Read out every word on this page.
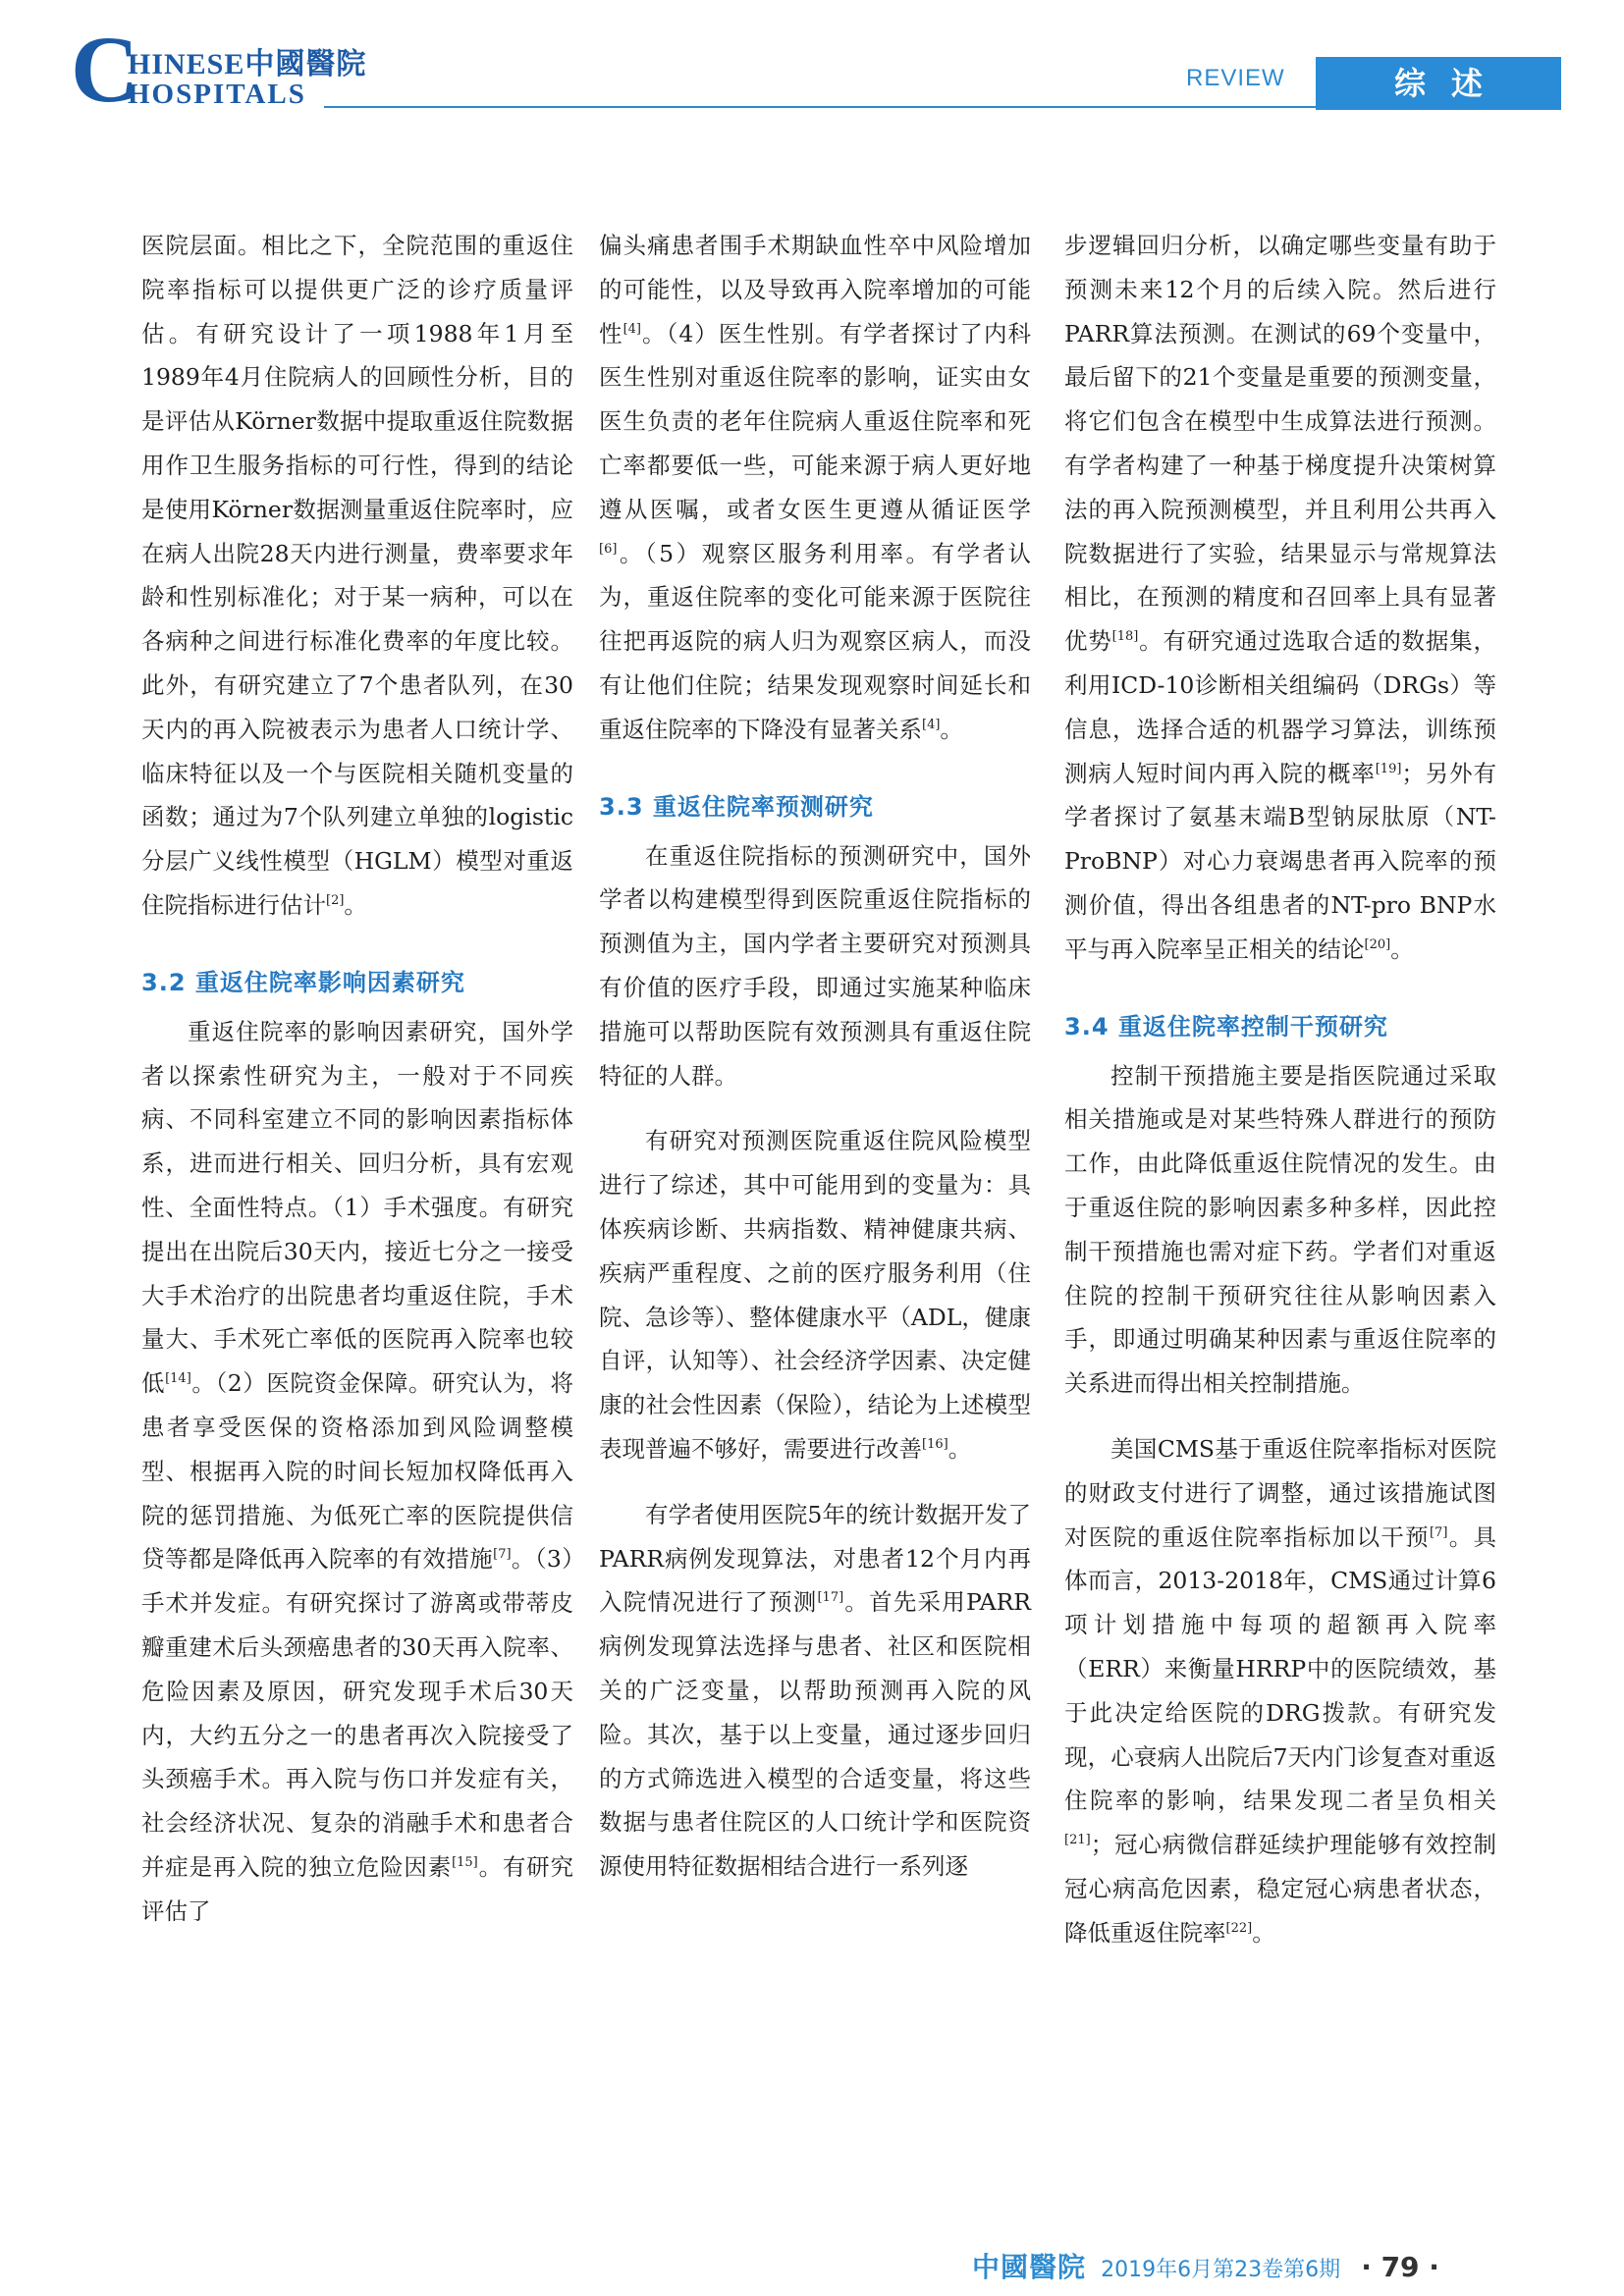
C
HINESE中國醫院
HOSPITALS
REVIEW	综述

医院层面。相比之下，全院范围的重返住院率指标可以提供更广泛的诊疗质量评估。有研究设计了一项1988年1月至1989年4月住院病人的回顾性分析，目的是评估从Körner数据中提取重返住院数据用作卫生服务指标的可行性，得到的结论是使用Körner数据测量重返住院率时，应在病人出院28天内进行测量，费率要求年龄和性别标准化；对于某一病种，可以在各病种之间进行标准化费率的年度比较。此外，有研究建立了7个患者队列，在30天内的再入院被表示为患者人口统计学、临床特征以及一个与医院相关随机变量的函数；通过为7个队列建立单独的logistic 分层广义线性模型（HGLM）模型对重返住院指标进行估计[2]。

3.2 重返住院率影响因素研究

重返住院率的影响因素研究，国外学者以探索性研究为主，一般对于不同疾病、不同科室建立不同的影响因素指标体系，进而进行相关、回归分析，具有宏观性、全面性特点。（1）手术强度。有研究提出在出院后30天内，接近七分之一接受大手术治疗的出院患者均重返住院，手术量大、手术死亡率低的医院再入院率也较低[14]。（2）医院资金保障。研究认为，将患者享受医保的资格添加到风险调整模型、根据再入院的时间长短加权降低再入院的惩罚措施、为低死亡率的医院提供信贷等都是降低再入院率的有效措施[7]。（3）手术并发症。有研究探讨了游离或带蒂皮瓣重建术后头颈癌患者的30天再入院率、危险因素及原因，研究发现手术后30天内，大约五分之一的患者再次入院接受了头颈癌手术。再入院与伤口并发症有关，社会经济状况、复杂的消融手术和患者合并症是再入院的独立危险因素[15]。有研究评估了

偏头痛患者围手术期缺血性卒中风险增加的可能性，以及导致再入院率增加的可能性[4]。（4）医生性别。有学者探讨了内科医生性别对重返住院率的影响，证实由女医生负责的老年住院病人重返住院率和死亡率都要低一些，可能来源于病人更好地遵从医嘱，或者女医生更遵从循证医学[6]。（5）观察区服务利用率。有学者认为，重返住院率的变化可能来源于医院往往把再返院的病人归为观察区病人，而没有让他们住院；结果发现观察时间延长和重返住院率的下降没有显著关系[4]。

3.3 重返住院率预测研究

在重返住院指标的预测研究中，国外学者以构建模型得到医院重返住院指标的预测值为主，国内学者主要研究对预测具有价值的医疗手段，即通过实施某种临床措施可以帮助医院有效预测具有重返住院特征的人群。

有研究对预测医院重返住院风险模型进行了综述，其中可能用到的变量为：具体疾病诊断、共病指数、精神健康共病、疾病严重程度、之前的医疗服务利用（住院、急诊等）、整体健康水平（ADL，健康自评，认知等）、社会经济学因素、决定健康的社会性因素（保险），结论为上述模型表现普遍不够好，需要进行改善[16]。

有学者使用医院5年的统计数据开发了PARR病例发现算法，对患者12个月内再入院情况进行了预测[17]。首先采用PARR病例发现算法选择与患者、社区和医院相关的广泛变量，以帮助预测再入院的风险。其次，基于以上变量，通过逐步回归的方式筛选进入模型的合适变量，将这些数据与患者住院区的人口统计学和医院资源使用特征数据相结合进行一系列逐

步逻辑回归分析，以确定哪些变量有助于预测未来12个月的后续入院。然后进行PARR算法预测。在测试的69个变量中，最后留下的21个变量是重要的预测变量，将它们包含在模型中生成算法进行预测。有学者构建了一种基于梯度提升决策树算法的再入院预测模型，并且利用公共再入院数据进行了实验，结果显示与常规算法相比，在预测的精度和召回率上具有显著优势[18]。有研究通过选取合适的数据集，利用ICD-10诊断相关组编码（DRGs）等信息，选择合适的机器学习算法，训练预测病人短时间内再入院的概率[19]；另外有学者探讨了氨基末端B型钠尿肽原（NT-ProBNP）对心力衰竭患者再入院率的预测价值，得出各组患者的NT-pro BNP水平与再入院率呈正相关的结论[20]。

3.4 重返住院率控制干预研究

控制干预措施主要是指医院通过采取相关措施或是对某些特殊人群进行的预防工作，由此降低重返住院情况的发生。由于重返住院的影响因素多种多样，因此控制干预措施也需对症下药。学者们对重返住院的控制干预研究往往从影响因素入手，即通过明确某种因素与重返住院率的关系进而得出相关控制措施。

美国CMS基于重返住院率指标对医院的财政支付进行了调整，通过该措施试图对医院的重返住院率指标加以干预[7]。具体而言，2013-2018年，CMS通过计算6项计划措施中每项的超额再入院率（ERR）来衡量HRRP中的医院绩效，基于此决定给医院的DRG拨款。有研究发现，心衰病人出院后7天内门诊复查对重返住院率的影响，结果发现二者呈负相关[21]；冠心病微信群延续护理能够有效控制冠心病高危因素，稳定冠心病患者状态，降低重返住院率[22]。

中國醫院 2019年6月第23卷第6期 · 79 ·
